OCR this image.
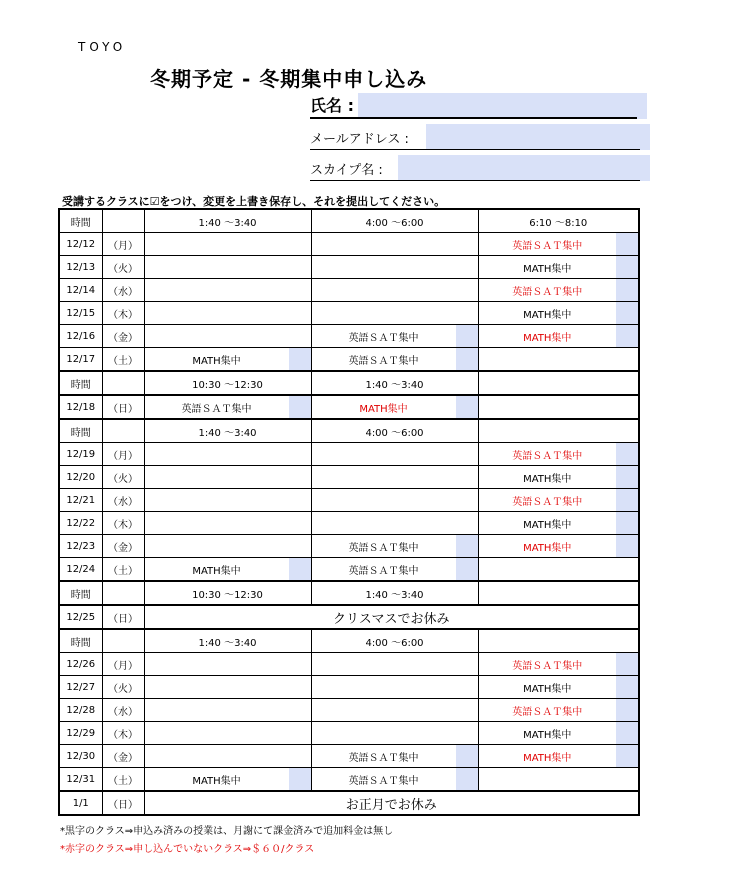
TOYO
冬期予定 - 冬期集中申し込み
氏名 :
メールアドレス :
スカイプ名 :
受講するクラスに☑をつけ、変更を上書き保存し、それを提出してください。
時間		1:40 ～3:40	4:00 ～6:00	6:10 ～8:10
12/12	（月）			英語ＳＡＴ集中

12/13	（火）			MATH集中

12/14	（水）			英語ＳＡＴ集中

12/15	（木）			MATH集中

12/16	（金）		英語ＳＡＴ集中	MATH集中

12/17	（土）	MATH集中	英語ＳＡＴ集中	

時間		10:30 ～12:30	1:40 ～3:40	
12/18	（日）	英語ＳＡＴ集中	MATH集中	

時間		1:40 ～3:40	4:00 ～6:00	
12/19	（月）			英語ＳＡＴ集中

12/20	（火）			MATH集中

12/21	（水）			英語ＳＡＴ集中

12/22	（木）			MATH集中

12/23	（金）		英語ＳＡＴ集中	MATH集中

12/24	（土）	MATH集中	英語ＳＡＴ集中	

時間		10:30 ～12:30	1:40 ～3:40	
12/25	（日）	クリスマスでお休み		
時間		1:40 ～3:40	4:00 ～6:00	
12/26	（月）			英語ＳＡＴ集中

12/27	（火）			MATH集中

12/28	（水）			英語ＳＡＴ集中

12/29	（木）			MATH集中

12/30	（金）		英語ＳＡＴ集中	MATH集中

12/31	（土）	MATH集中	英語ＳＡＴ集中	

1/1	（日）	お正月でお休み		
*黒字のクラス⇒申込み済みの授業は、月謝にて課金済みで追加料金は無し
*赤字のクラス⇒申し込んでいないクラス⇒＄６０/クラス
